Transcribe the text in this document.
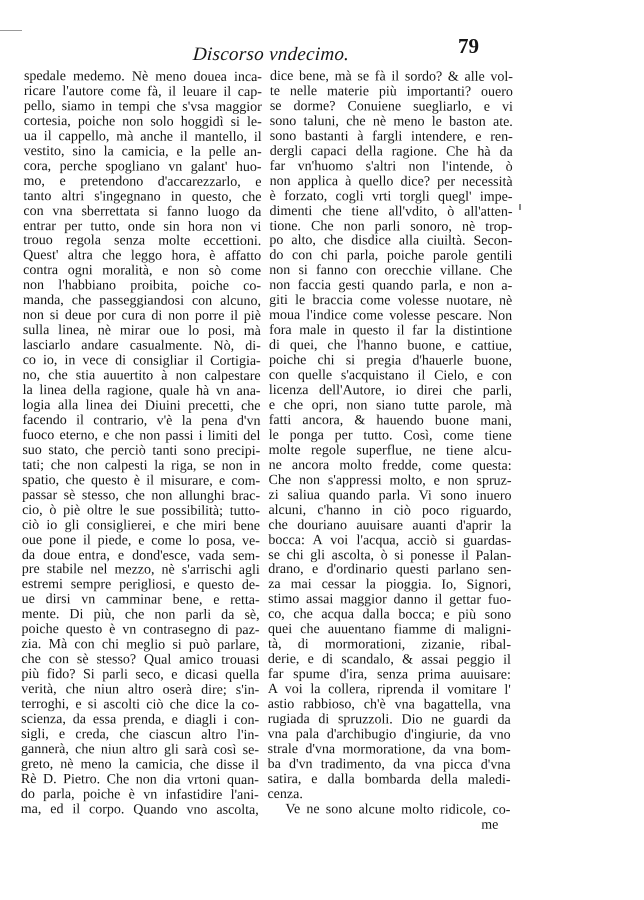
Discorso vndecimo.	79
spedale medemo. Nè meno douea inca-
ricare l'autore come fà, il leuare il cap-
pello, siamo in tempi che s'vsa maggior
cortesia, poiche non solo hoggidì si le-
ua il cappello, mà anche il mantello, il
vestito, sino la camicia, e la pelle an-
cora, perche spogliano vn galant' huo-
mo, e pretendono d'accarezzarlo, e
tanto altri s'ingegnano in questo, che
con vna sberrettata si fanno luogo da
entrar per tutto, onde sin hora non vi
trouo regola senza molte eccettioni.
Quest' altra che leggo hora, è affatto
contra ogni moralità, e non sò come
non l'habbiano proibita, poiche co-
manda, che passeggiandosi con alcuno,
non si deue por cura di non porre il piè
sulla linea, nè mirar oue lo posi, mà
lasciarlo andare casualmente. Nò, di-
co io, in vece di consigliar il Cortigia-
no, che stia auuertito à non calpestare
la linea della ragione, quale hà vn ana-
logia alla linea dei Diuini precetti, che
facendo il contrario, v'è la pena d'vn
fuoco eterno, e che non passi i limiti del
suo stato, che perciò tanti sono precipi-
tati; che non calpesti la riga, se non in
spatio, che questo è il misurare, e com-
passar sè stesso, che non allunghi brac-
cio, ò piè oltre le sue possibilità; tutto-
ciò io gli consiglierei, e che miri bene
oue pone il piede, e come lo posa, ve-
da doue entra, e dond'esce, vada sem-
pre stabile nel mezzo, nè s'arrischi agli
estremi sempre perigliosi, e questo de-
ue dirsi vn camminar bene, e retta-
mente. Di più, che non parli da sè,
poiche questo è vn contrasegno di paz-
zia. Mà con chi meglio si può parlare,
che con sè stesso? Qual amico trouasi
più fido? Si parli seco, e dicasi quella
verità, che niun altro oserà dire; s'in-
terroghi, e si ascolti ciò che dice la co-
scienza, da essa prenda, e diagli i con-
sigli, e creda, che ciascun altro l'in-
gannerà, che niun altro gli sarà così se-
greto, nè meno la camicia, che disse il
Rè D. Pietro. Che non dia vrtoni quan-
do parla, poiche è vn infastidire l'ani-
ma, ed il corpo. Quando vno ascolta,
dice bene, mà se fà il sordo? & alle vol-
te nelle materie più importanti? ouero
se dorme? Conuiene suegliarlo, e vi
sono taluni, che nè meno le baston ate.
sono bastanti à fargli intendere, e ren-
dergli capaci della ragione. Che hà da
far vn'huomo s'altri non l'intende, ò
non applica à quello dice? per necessità
è forzato, cogli vrti torgli quegl' impe-
dimenti che tiene all'vdito, ò all'atten-
tione. Che non parli sonoro, nè trop-
po alto, che disdice alla ciuiltà. Secon-
do con chi parla, poiche parole gentili
non si fanno con orecchie villane. Che
non faccia gesti quando parla, e non a-
giti le braccia come volesse nuotare, nè
moua l'indice come volesse pescare. Non
fora male in questo il far la distintione
di quei, che l'hanno buone, e cattiue,
poiche chi si pregia d'hauerle buone,
con quelle s'acquistano il Cielo, e con
licenza dell'Autore, io direi che parli,
e che opri, non siano tutte parole, mà
fatti ancora, & hauendo buone mani,
le ponga per tutto. Così, come tiene
molte regole superflue, ne tiene alcu-
ne ancora molto fredde, come questa:
Che non s'appressi molto, e non spruz-
zi saliua quando parla. Vi sono inuero
alcuni, c'hanno in ciò poco riguardo,
che douriano auuisare auanti d'aprir la
bocca: A voi l'acqua, acciò si guardas-
se chi gli ascolta, ò si ponesse il Palan-
drano, e d'ordinario questi parlano sen-
za mai cessar la pioggia. Io, Signori,
stimo assai maggior danno il gettar fuo-
co, che acqua dalla bocca; e più sono
quei che auuentano fiamme di maligni-
tà, di mormorationi, zizanie, ribal-
derie, e di scandalo, & assai peggio il
far spume d'ira, senza prima auuisare:
A voi la collera, riprenda il vomitare l'
astio rabbioso, ch'è vna bagattella, vna
rugiada di spruzzoli. Dio ne guardi da
vna pala d'archibugio d'ingiurie, da vno
strale d'vna mormoratione, da vna bom-
ba d'vn tradimento, da vna picca d'vna
satira, e dalla bombarda della maledi-
cenza.
Ve ne sono alcune molto ridicole, co-
me
